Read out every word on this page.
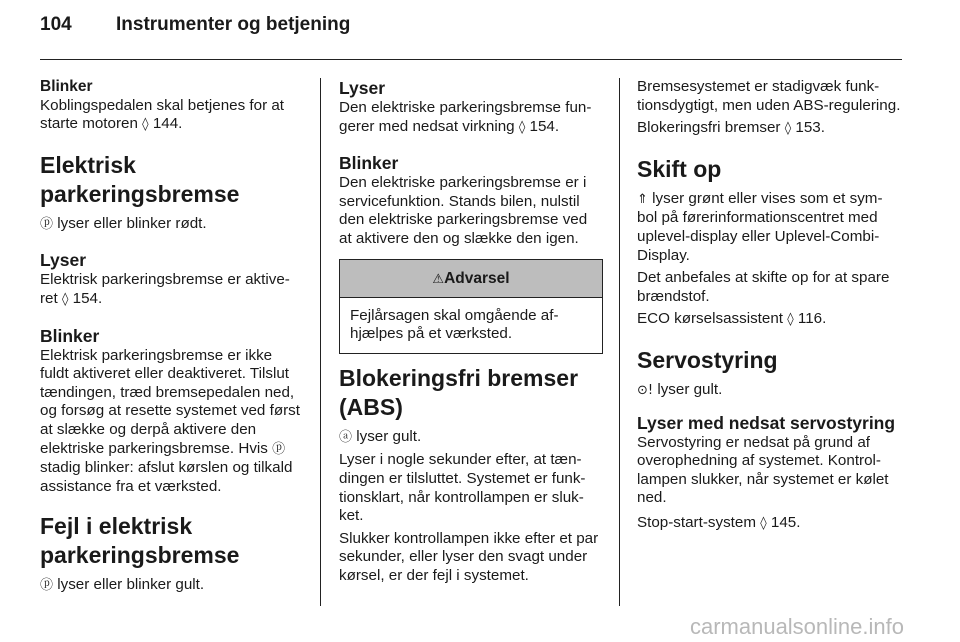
104 Instrumenter og betjening
Blinker

Koblingspedalen skal betjenes for at starte motoren ◊ 144.

Elektrisk
parkeringsbremse

ⓟ lyser eller blinker rødt.

Lyser

Elektrisk parkeringsbremse er aktive-ret ◊ 154.

Blinker

Elektrisk parkeringsbremse er ikke fuldt aktiveret eller deaktiveret. Tilslut tændingen, træd bremsepedalen ned, og forsøg at resette systemet ved først at slække og derpå aktivere den elektriske parkeringsbremse. Hvis ⓟ stadig blinker: afslut kørslen og tilkald assistance fra et værksted.

Fejl i elektrisk
parkeringsbremse

ⓟ lyser eller blinker gult.

Lyser

Den elektriske parkeringsbremse fun-gerer med nedsat virkning ◊ 154.

Blinker

Den elektriske parkeringsbremse er i servicefunktion. Stands bilen, nulstil den elektriske parkeringsbremse ved at aktivere den og slække den igen.

⚠Advarsel
Fejlårsagen skal omgående af-hjælpes på et værksted.
Blokeringsfri bremser
(ABS)

ⓐ lyser gult.

Lyser i nogle sekunder efter, at tæn-dingen er tilsluttet. Systemet er funk-tionsklart, når kontrollampen er sluk-ket.

Slukker kontrollampen ikke efter et par sekunder, eller lyser den svagt under kørsel, er der fejl i systemet.

Bremsesystemet er stadigvæk funk-tionsdygtigt, men uden ABS-regulering.

Blokeringsfri bremser ◊ 153.

Skift op

⇑ lyser grønt eller vises som et sym-bol på førerinformationscentret med uplevel-display eller Uplevel-Combi-Display.

Det anbefales at skifte op for at spare brændstof.

ECO kørselsassistent ◊ 116.

Servostyring

⊙! lyser gult.

Lyser med nedsat servostyring

Servostyring er nedsat på grund af overophedning af systemet. Kontrol-lampen slukker, når systemet er kølet ned.

Stop-start-system ◊ 145.

carmanualsonline.info
